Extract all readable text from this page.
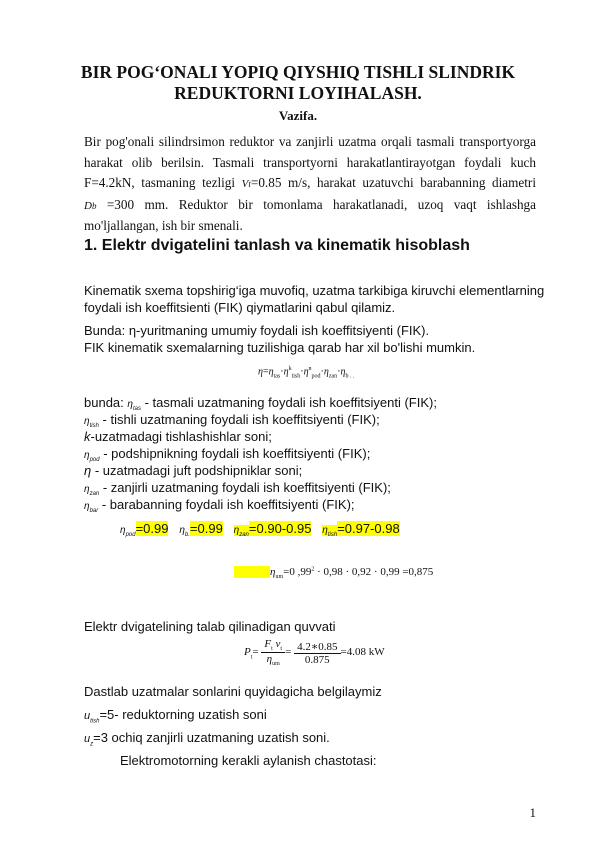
BIR POG‘ONALI YOPIQ QIYSHIQ TISHLI SLINDRIK
REDUKTORNI LOYIHALASH.
Vazifa.
Bir pog'onali silindrsimon reduktor va zanjirli uzatma orqali tasmali transportyorga
harakat olib berilsin. Tasmali transportyorni harakatlantirayotgan foydali kuch
F=4.2kN, tasmaning tezligi Vt=0.85 m/s, harakat uzatuvchi barabanning diametri
Db =300 mm. Reduktor bir tomonlama harakatlanadi, uzoq vaqt ishlashga
mo'ljallangan, ish bir smenali.
1. Elektr dvigatelini tanlash va kinematik hisoblash
Kinematik sxema topshirig‘iga muvofiq, uzatma tarkibiga kiruvchi elementlarning
foydali ish koeffitsienti (FIK) qiymatlarini qabul qilamiz.
Bunda: η-yuritmaning umumiy foydali ish koeffitsiyenti (FIK).
FIK kinematik sxemalarning tuzilishiga qarab har xil bo'lishi mumkin.
$\eta=\eta_{tas}\cdot\eta^k_{tish}\cdot\eta^n_{pod}\cdot\eta_{zan}\cdot\eta_{b . .}$
bunda: $\eta_{tas}$ - tasmali uzatmaning foydali ish koeffitsiyenti (FIK);
$\eta_{tish}$ - tishli uzatmaning foydali ish koeffitsiyenti (FIK);
k-uzatmadagi tishlashishlar soni;
$\eta_{pod}$ - podshipnikning foydali ish koeffitsiyenti (FIK);
η - uzatmadagi juft podshipniklar soni;
$\eta_{zan}$ - zanjirli uzatmaning foydali ish koeffitsiyenti (FIK);
$\eta_{bar}$ - barabanning foydali ish koeffitsiyenti (FIK);
$\eta_{pod}=0.99$ $\eta_{b.}=0.99$ $\eta_{zan}=0.90-0.95$ $\eta_{tish}=0.97-0.98$
$\eta_{um}=0$ $,99^2 \cdot 0,98 \cdot 0,92 \cdot 0,99 =0,875$
Elektr dvigatelining talab qilinadigan quvvati
$P_t= \frac{F_t v_t}{\eta_{um}} = \frac{4.2∗0.85}{0.875} =4.08$ kW
Dastlab uzatmalar sonlarini quyidagicha belgilaymiz
$u_{tish}=5-$ reduktorning uzatish soni
$u_z=3$ ochiq zanjirli uzatmaning uzatish soni.
Elektromotorning kerakli aylanish chastotasi:
1
